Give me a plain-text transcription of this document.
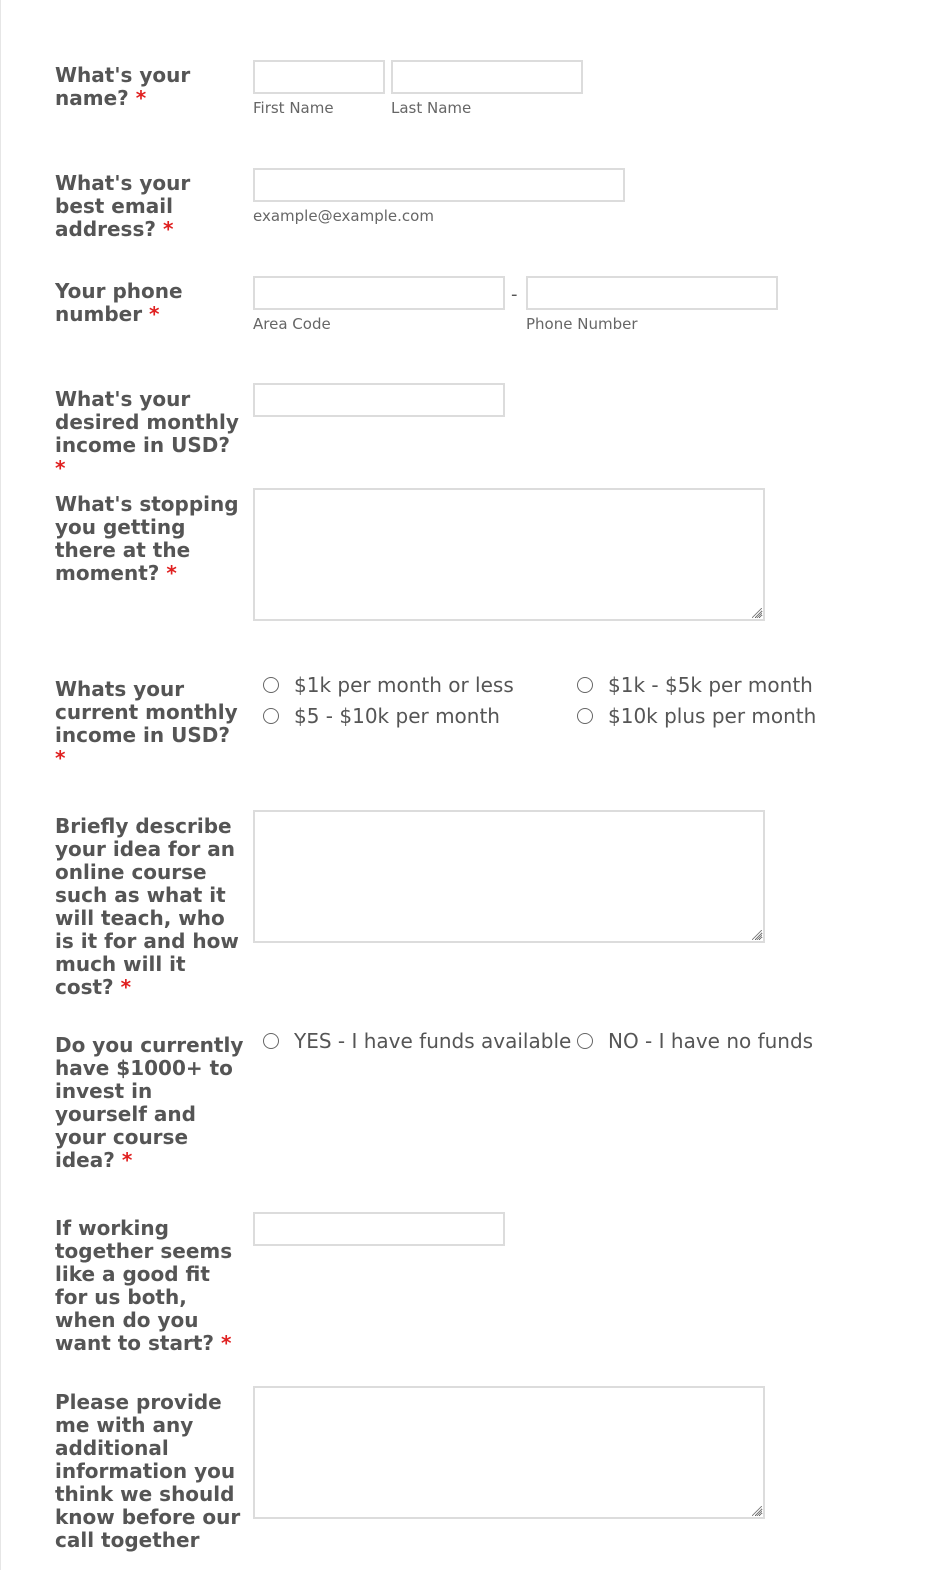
What's your name? *	First Name	Last Name
What's your best email address? *
example@example.com
Your phone number *
-
Area Code	Phone Number
What's your desired monthly income in USD? *
What's stopping you getting there at the moment? *
Whats your current monthly income in USD? *
$1k per month or less	$1k - $5k per month
$5 - $10k per month	$10k plus per month
Briefly describe your idea for an online course such as what it will teach, who is it for and how much will it cost? *
Do you currently have $1000+ to invest in yourself and your course idea? *
YES - I have funds available NO - I have no funds
If working together seems like a good fit for us both, when do you want to start? *
Please provide me with any additional information you think we should know before our call together
